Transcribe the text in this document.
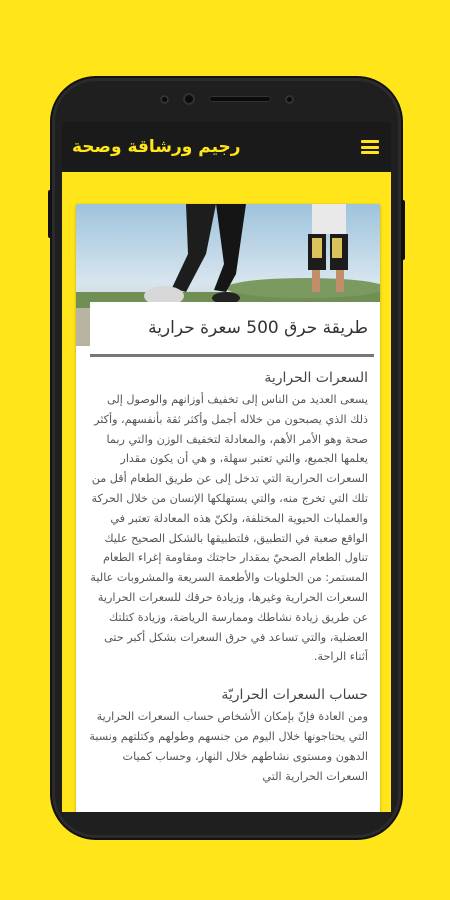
رجيم ورشاقة وصحة
طريقة حرق 500 سعرة حرارية
السعرات الحرارية

يسعى العديد من الناس إلى تخفيف أوزانهم والوصول إلى ذلك الذي يصبحون من خلاله أجمل وأكثر ثقة بأنفسهم، وأكثر صحة وهو الأمر الأهم، والمعادلة لتخفيف الوزن والتي ربما يعلمها الجميع، والتي تعتبر سهلة، و هي أن يكون مقدار السعرات الحرارية التي تدخل إلى عن طريق الطعام أقل من تلك التي تخرج منه، والتي يستهلكها الإنسان من خلال الحركة والعمليات الحيوية المختلفة، ولكنّ هذه المعادلة تعتبر في الواقع صعبة في التطبيق، فلتطبيقها بالشكل الصحيح عليك تناول الطعام الصحيّ بمقدار حاجتك ومقاومة إغراء الطعام المستمر: من الحلويات والأطعمة السريعة والمشروبات عالية السعرات الحرارية وغيرها، وزيادة حرقك للسعرات الحرارية عن طريق زيادة نشاطك وممارسة الرياضة، وزيادة كتلتك العضلية، والتي تساعد في حرق السعرات بشكل أكبر حتى أثناء الراحة.

حساب السعرات الحراريّة

ومن العادة فإنّ بإمكان الأشخاص حساب السعرات الحرارية التي يحتاجونها خلال اليوم من جنسهم وطولهم وكتلتهم ونسبة الدهون ومستوى نشاطهم خلال النهار، وحساب كميات السعرات الحرارية التي
